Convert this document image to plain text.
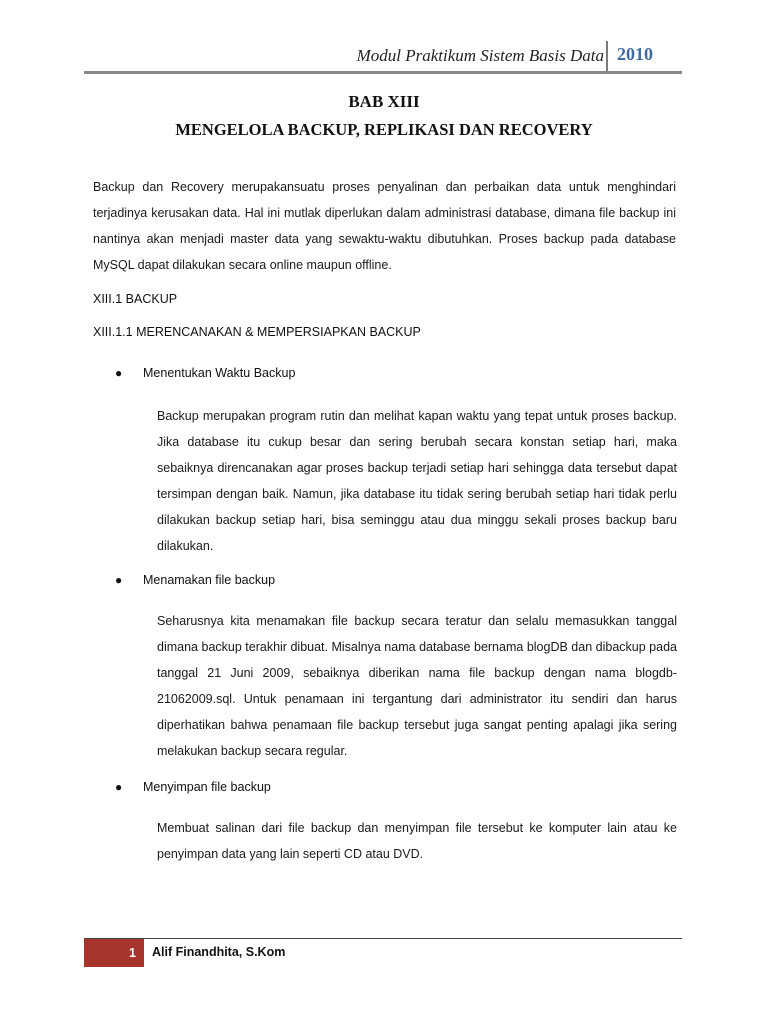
Modul Praktikum Sistem Basis Data 2010
BAB XIII
MENGELOLA BACKUP, REPLIKASI DAN RECOVERY

Backup dan Recovery merupakansuatu proses penyalinan dan perbaikan data untuk menghindari terjadinya kerusakan data. Hal ini mutlak diperlukan dalam administrasi database, dimana file backup ini nantinya akan menjadi master data yang sewaktu-waktu dibutuhkan. Proses backup pada database MySQL dapat dilakukan secara online maupun offline.

XIII.1 BACKUP
XIII.1.1 MERENCANAKAN & MEMPERSIAPKAN BACKUP
● Menentukan Waktu Backup

Backup merupakan program rutin dan melihat kapan waktu yang tepat untuk proses backup. Jika database itu cukup besar dan sering berubah secara konstan setiap hari, maka sebaiknya direncanakan agar proses backup terjadi setiap hari sehingga data tersebut dapat tersimpan dengan baik. Namun, jika database itu tidak sering berubah setiap hari tidak perlu dilakukan backup setiap hari, bisa seminggu atau dua minggu sekali proses backup baru dilakukan.

● Menamakan file backup

Seharusnya kita menamakan file backup secara teratur dan selalu memasukkan tanggal dimana backup terakhir dibuat. Misalnya nama database bernama blogDB dan dibackup pada tanggal 21 Juni 2009, sebaiknya diberikan nama file backup dengan nama blogdb-21062009.sql. Untuk penamaan ini tergantung dari administrator itu sendiri dan harus diperhatikan bahwa penamaan file backup tersebut juga sangat penting apalagi jika sering melakukan backup secara regular.

● Menyimpan file backup

Membuat salinan dari file backup dan menyimpan file tersebut ke komputer lain atau ke penyimpan data yang lain seperti CD atau DVD.

1	Alif Finandhita, S.Kom
